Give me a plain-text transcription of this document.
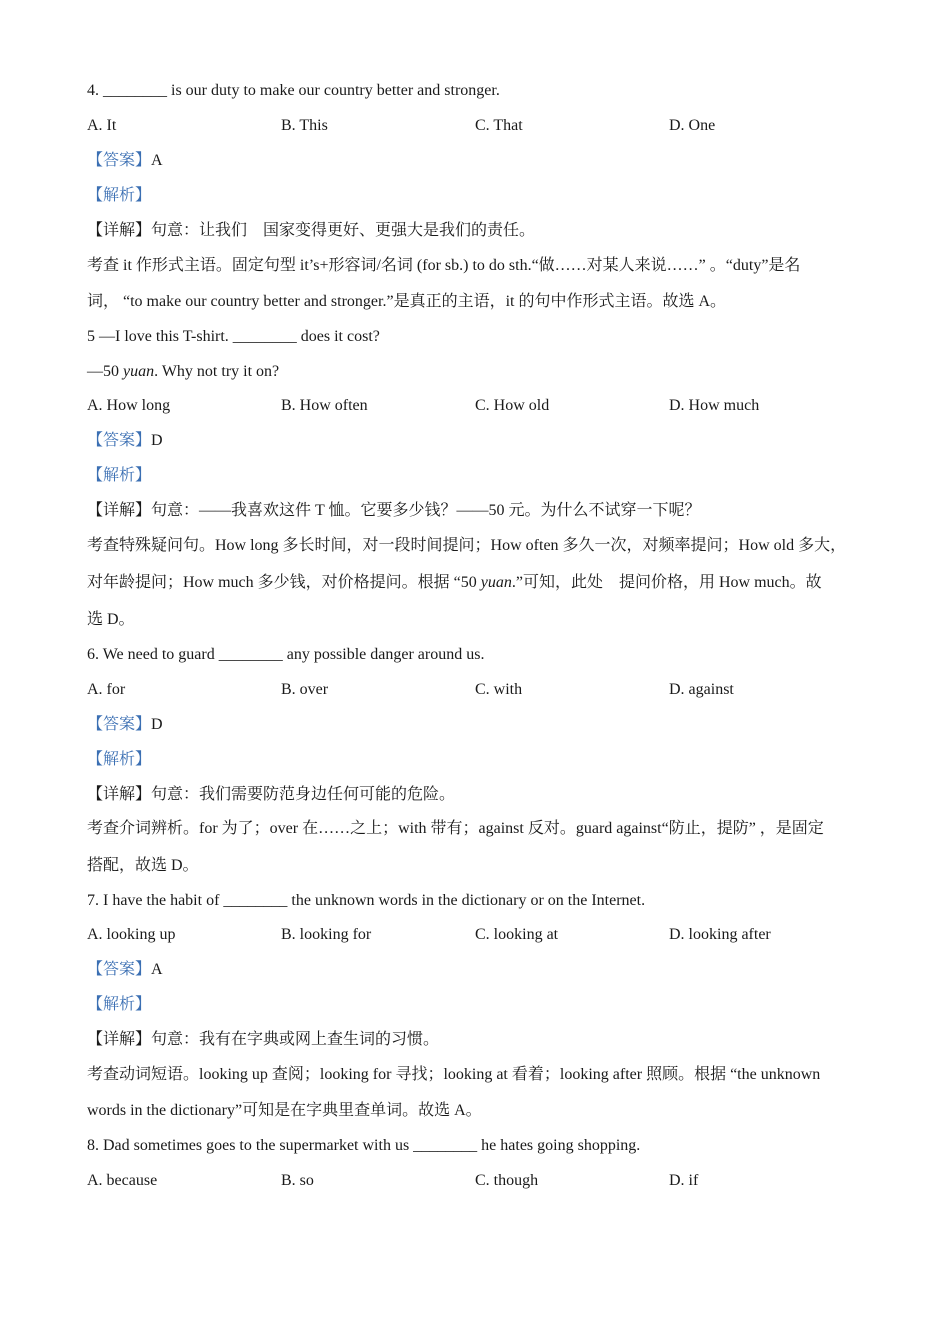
4. ________ is our duty to make our country better and stronger.
A. It	B. This	C. That	D. One
【答案】A
【解析】
【详解】句意：让我们　国家变得更好、更强大是我们的责任。
考查 it 作形式主语。固定句型 it’s+形容词/名词 (for sb.) to do sth.“做……对某人来说……” 。“duty”是名
词， “to make our country better and stronger.”是真正的主语，it 的句中作形式主语。故选 A。
5 —I love this T-shirt. ________ does it cost?
—50 yuan. Why not try it on?
A. How long	B. How often	C. How old	D. How much
【答案】D
【解析】
【详解】句意：——我喜欢这件 T 恤。它要多少钱？——50 元。为什么不试穿一下呢？
考查特殊疑问句。How long 多长时间，对一段时间提问；How often 多久一次，对频率提问；How old 多大，
对年龄提问；How much 多少钱，对价格提问。根据 “50 yuan.”可知，此处　提问价格，用 How much。故
选 D。
6. We need to guard ________ any possible danger around us.
A. for	B. over	C. with	D. against
【答案】D
【解析】
【详解】句意：我们需要防范身边任何可能的危险。
考查介词辨析。for 为了；over 在……之上；with 带有；against 反对。guard against“防止，提防” ，是固定
搭配，故选 D。
7. I have the habit of ________ the unknown words in the dictionary or on the Internet.
A. looking up	B. looking for	C. looking at	D. looking after
【答案】A
【解析】
【详解】句意：我有在字典或网上查生词的习惯。
考查动词短语。looking up 查阅；looking for 寻找；looking at 看着；looking after 照顾。根据 “the unknown
words in the dictionary”可知是在字典里查单词。故选 A。
8. Dad sometimes goes to the supermarket with us ________ he hates going shopping.
A. because	B. so	C. though	D. if
